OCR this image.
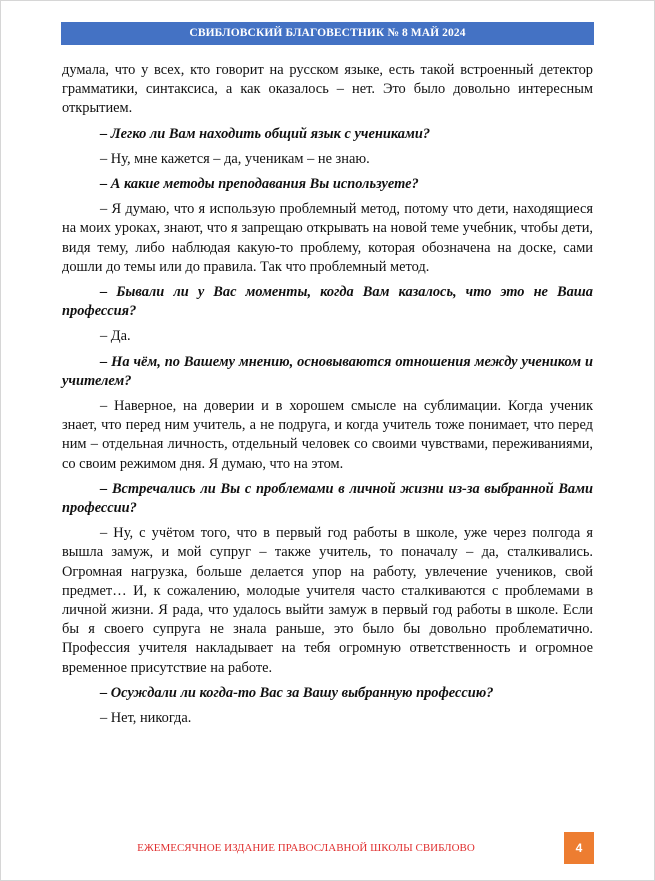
СВИБЛОВСКИЙ БЛАГОВЕСТНИК № 8 МАЙ 2024

думала, что у всех, кто говорит на русском языке, есть такой встроенный детектор грамматики, синтаксиса, а как оказалось – нет. Это было довольно интересным открытием.

– Легко ли Вам находить общий язык с учениками?

– Ну, мне кажется – да, ученикам – не знаю.

– А какие методы преподавания Вы используете?

– Я думаю, что я использую проблемный метод, потому что дети, находящиеся на моих уроках, знают, что я запрещаю открывать на новой теме учебник, чтобы дети, видя тему, либо наблюдая какую-то проблему, которая обозначена на доске, сами дошли до темы или до правила. Так что проблемный метод.

– Бывали ли у Вас моменты, когда Вам казалось, что это не Ваша профессия?

– Да.

– На чём, по Вашему мнению, основываются отношения между учеником и учителем?

– Наверное, на доверии и в хорошем смысле на сублимации. Когда ученик знает, что перед ним учитель, а не подруга, и когда учитель тоже понимает, что перед ним – отдельная личность, отдельный человек со своими чувствами, переживаниями, со своим режимом дня. Я думаю, что на этом.

– Встречались ли Вы с проблемами в личной жизни из-за выбранной Вами профессии?

– Ну, с учётом того, что в первый год работы в школе, уже через полгода я вышла замуж, и мой супруг – также учитель, то поначалу – да, сталкивались. Огромная нагрузка, больше делается упор на работу, увлечение учеников, свой предмет… И, к сожалению, молодые учителя часто сталкиваются с проблемами в личной жизни. Я рада, что удалось выйти замуж в первый год работы в школе. Если бы я своего супруга не знала раньше, это было бы довольно проблематично. Профессия учителя накладывает на тебя огромную ответственность и огромное временное присутствие на работе.

– Осуждали ли когда-то Вас за Вашу выбранную профессию?

– Нет, никогда.

ЕЖЕМЕСЯЧНОЕ ИЗДАНИЕ ПРАВОСЛАВНОЙ ШКОЛЫ СВИБЛОВО	4
